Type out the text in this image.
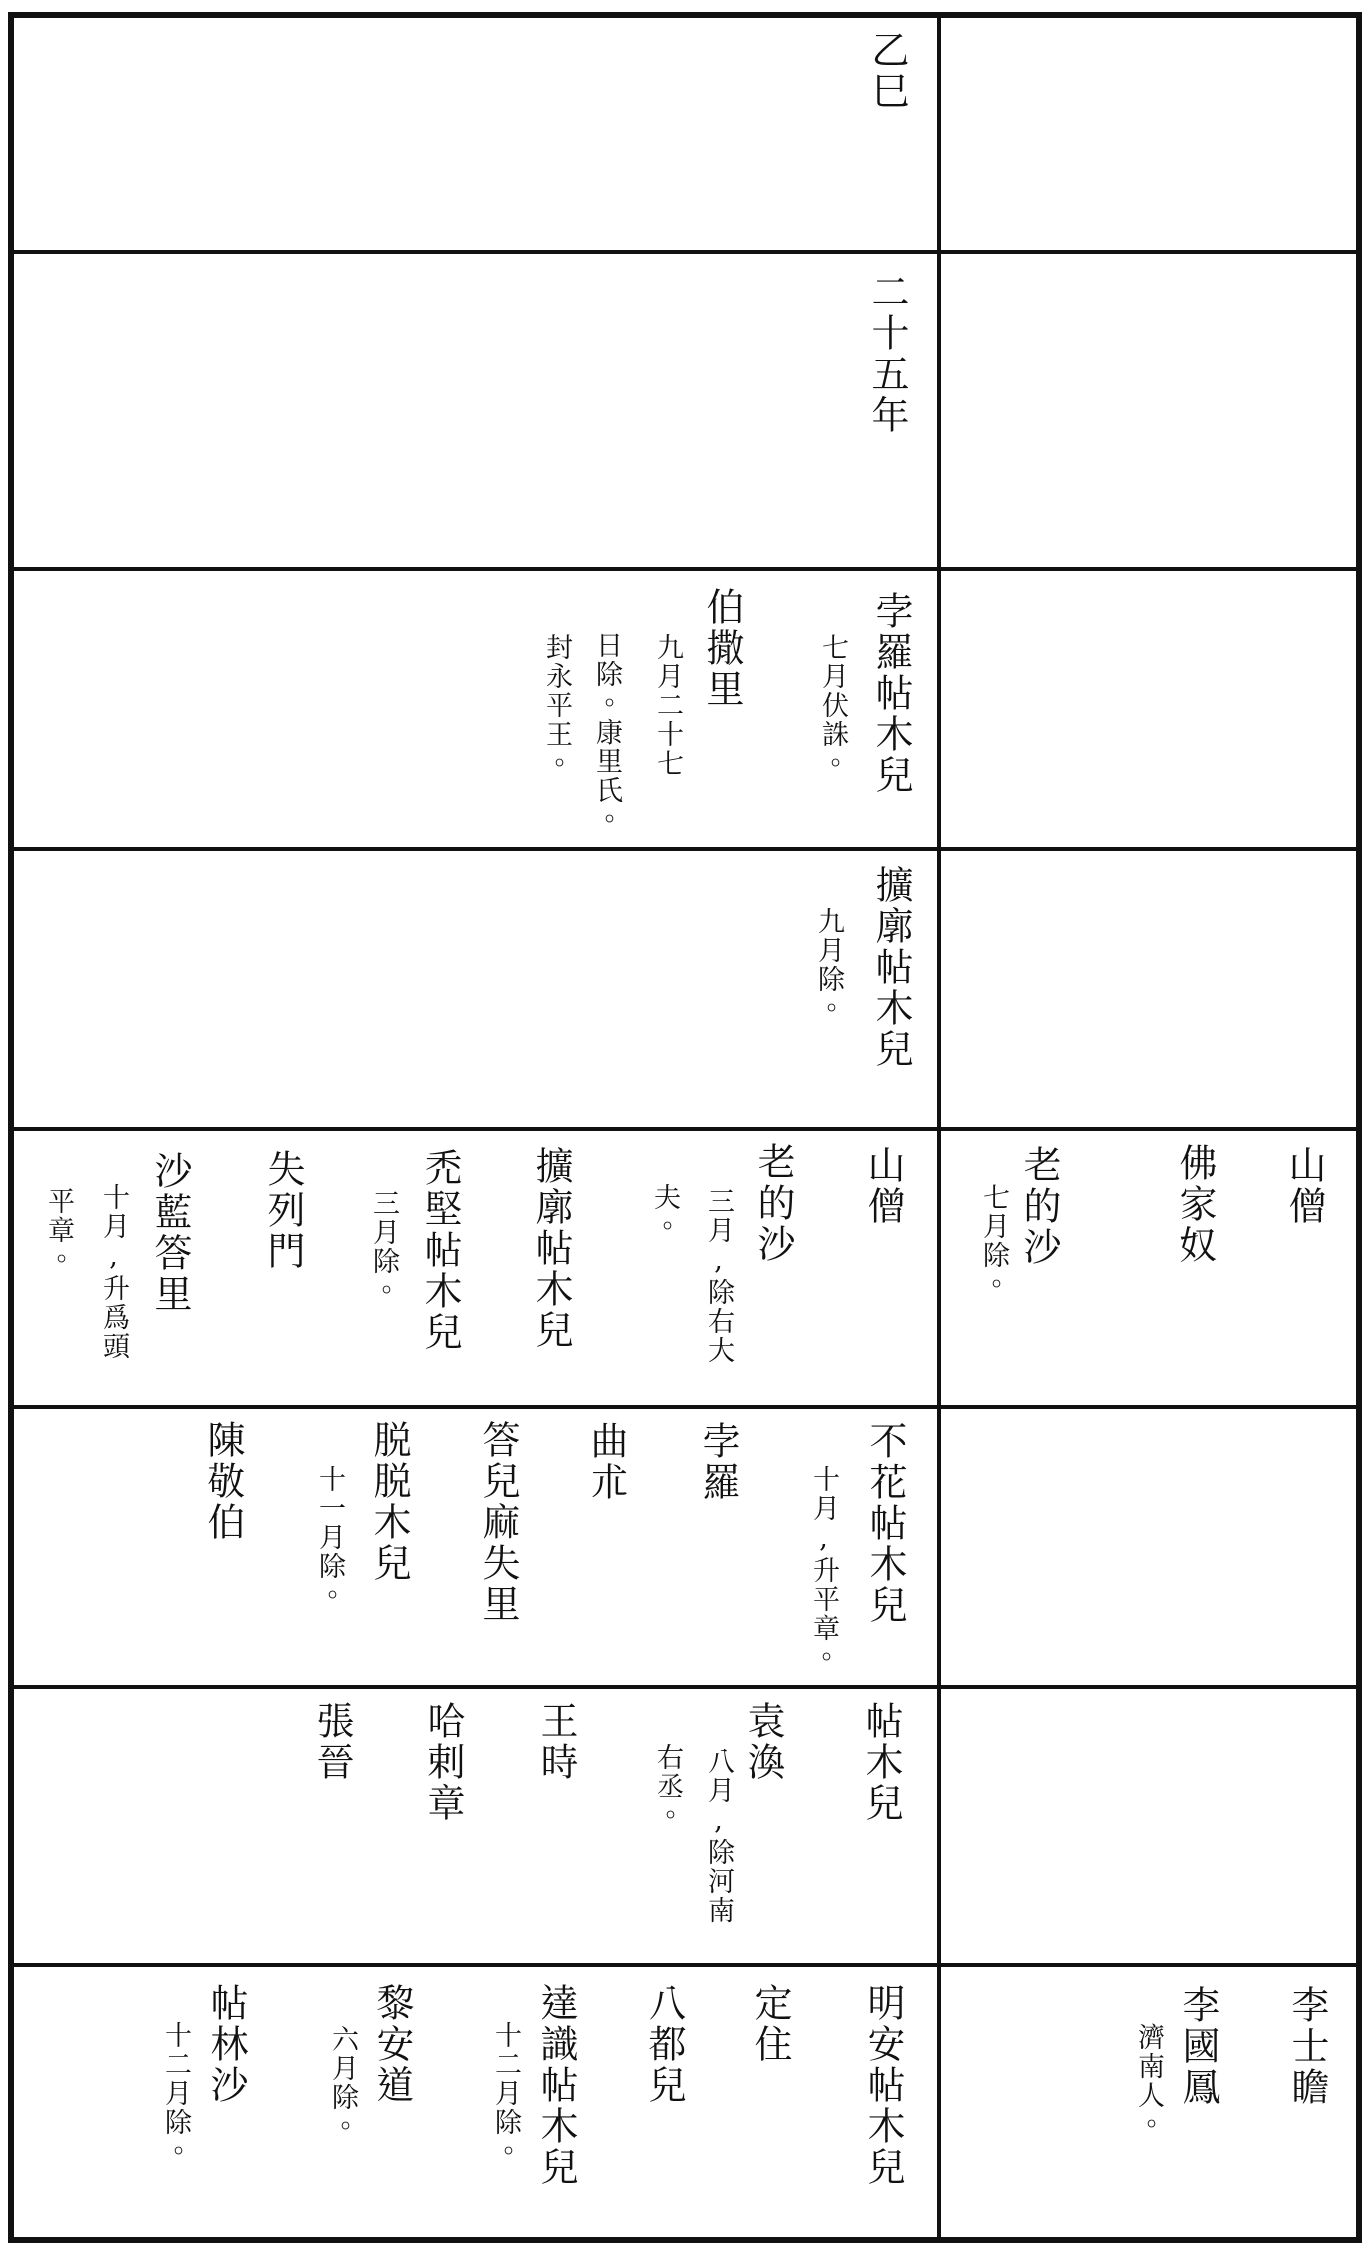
乙巳
二十五年
孛羅帖木兒
七月伏誅。
伯撒里
九月二十七
日除。康里氏。
封永平王。
擴廓帖木兒
九月除。
山僧
老的沙
三月,除右大
夫。
擴廓帖木兒
禿堅帖木兒
三月除。
失列門
沙藍答里
十月,升爲頭
平章。
山僧
佛家奴
老的沙
七月除。
不花帖木兒
十月,升平章。
孛羅
曲朮
答兒麻失里
脱脱木兒
十一月除。
陳敬伯
帖木兒
袁渙
八月,除河南
右丞。
王時
哈剌章
張晉
明安帖木兒
定住
八都兒
達識帖木兒
十二月除。
黎安道
六月除。
帖林沙
十二月除。	李士瞻
李國鳳
濟南人。
